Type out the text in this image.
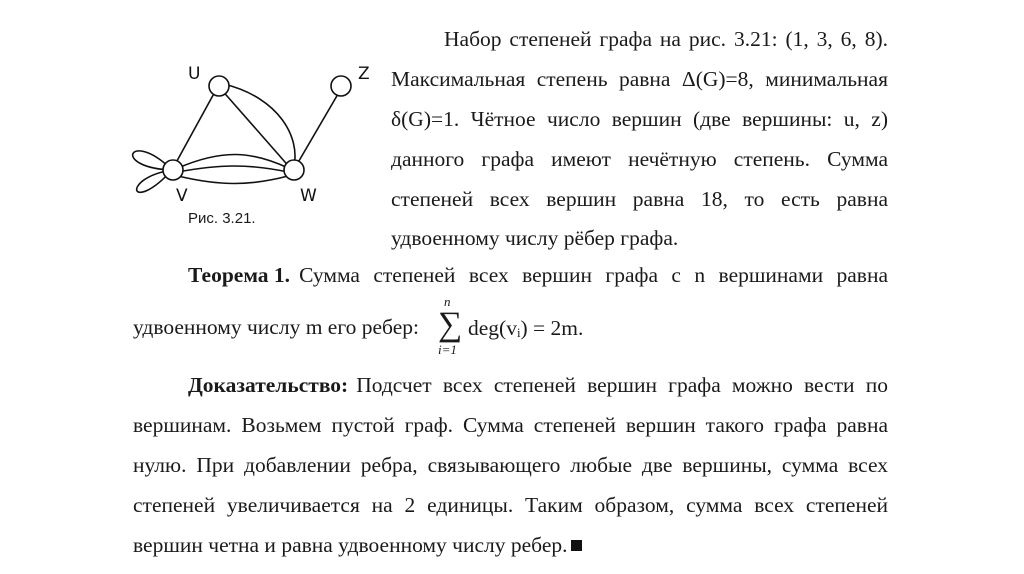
U	Z
V	W
Рис. 3.21.
Набор степеней графа на рис. 3.21: (1, 3, 6, 8).
Максимальная степень равна Δ(G)=8, минимальная
δ(G)=1. Чётное число вершин (две вершины: u, z)
данного графа имеют нечётную степень. Сумма
степеней всех вершин равна 18, то есть равна
удвоенному числу рёбер графа.
Теорема 1. Сумма степеней всех вершин графа с n вершинами равна
удвоенному числу m его ребер:
n
∑
i=1
deg(vᵢ) = 2m.
Доказательство: Подсчет всех степеней вершин графа можно вести по
вершинам. Возьмем пустой граф. Сумма степеней вершин такого графа равна
нулю. При добавлении ребра, связывающего любые две вершины, сумма всех
степеней увеличивается на 2 единицы. Таким образом, сумма всех степеней
вершин четна и равна удвоенному числу ребер.
